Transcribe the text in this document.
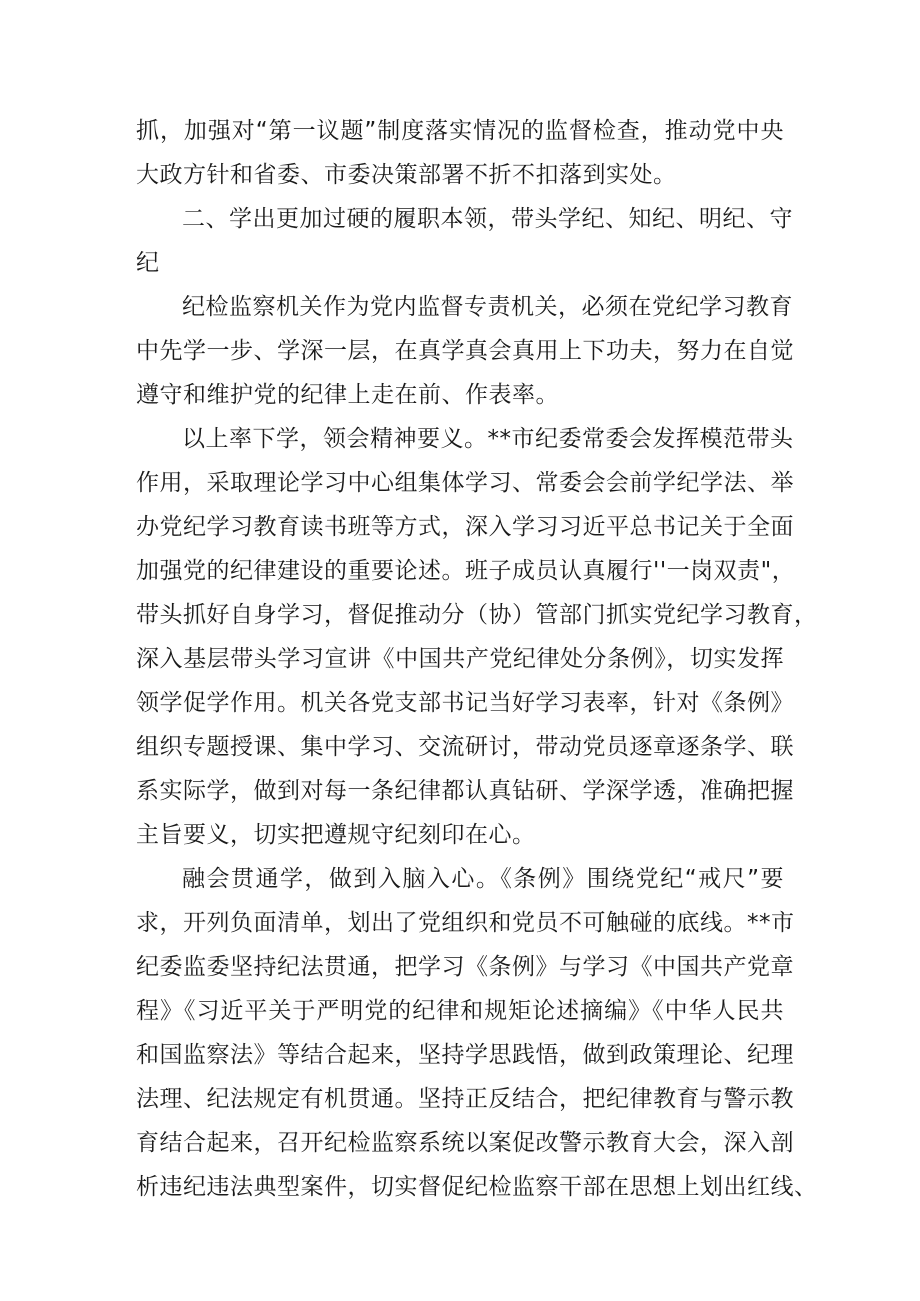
抓，加强对“第一议题”制度落实情况的监督检查，推动党中央
大政方针和省委、市委决策部署不折不扣落到实处。
二、学出更加过硬的履职本领，带头学纪、知纪、明纪、守
纪
纪检监察机关作为党内监督专责机关，必须在党纪学习教育
中先学一步、学深一层，在真学真会真用上下功夫，努力在自觉
遵守和维护党的纪律上走在前、作表率。
以上率下学，领会精神要义。**市纪委常委会发挥模范带头
作用，采取理论学习中心组集体学习、常委会会前学纪学法、举
办党纪学习教育读书班等方式，深入学习习近平总书记关于全面
加强党的纪律建设的重要论述。班子成员认真履行''一岗双责"，
带头抓好自身学习，督促推动分（协）管部门抓实党纪学习教育，
深入基层带头学习宣讲《中国共产党纪律处分条例》，切实发挥
领学促学作用。机关各党支部书记当好学习表率，针对《条例》
组织专题授课、集中学习、交流研讨，带动党员逐章逐条学、联
系实际学，做到对每一条纪律都认真钻研、学深学透，准确把握
主旨要义，切实把遵规守纪刻印在心。
融会贯通学，做到入脑入心。《条例》围绕党纪“戒尺”要
求，开列负面清单，划出了党组织和党员不可触碰的底线。**市
纪委监委坚持纪法贯通，把学习《条例》与学习《中国共产党章
程》《习近平关于严明党的纪律和规矩论述摘编》《中华人民共
和国监察法》等结合起来，坚持学思践悟，做到政策理论、纪理
法理、纪法规定有机贯通。坚持正反结合，把纪律教育与警示教
育结合起来，召开纪检监察系统以案促改警示教育大会，深入剖
析违纪违法典型案件，切实督促纪检监察干部在思想上划出红线、
